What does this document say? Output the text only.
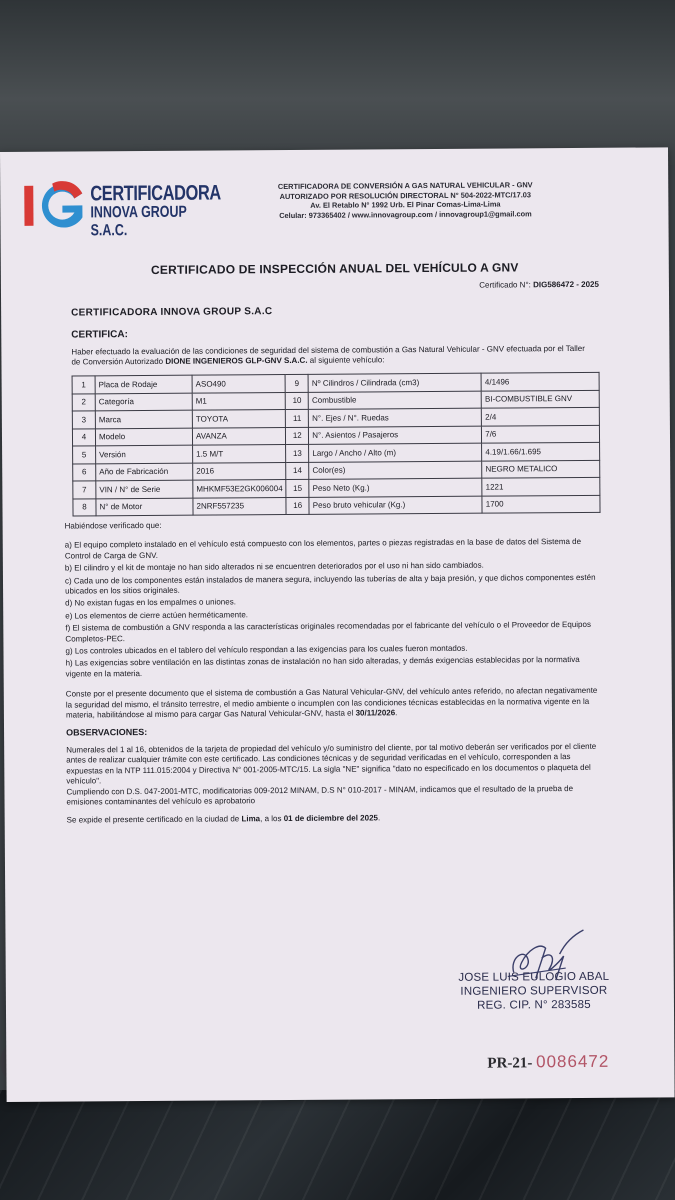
CERTIFICADORA
INNOVA GROUP S.A.C.
CERTIFICADORA DE CONVERSIÓN A GAS NATURAL VEHICULAR - GNV
AUTORIZADO POR RESOLUCIÓN DIRECTORAL N° 504-2022-MTC/17.03
Av. El Retablo N° 1992 Urb. El Pinar Comas-Lima-Lima
Celular: 973365402 / www.innovagroup.com / innovagroup1@gmail.com
CERTIFICADO DE INSPECCIÓN ANUAL DEL VEHÍCULO A GNV
Certificado N°: DIG586472 - 2025
CERTIFICADORA INNOVA GROUP S.A.C
CERTIFICA:
Haber efectuado la evaluación de las condiciones de seguridad del sistema de combustión a Gas Natural Vehicular - GNV efectuada por el Taller de Conversión Autorizado DIONE INGENIEROS GLP-GNV S.A.C. al siguiente vehículo:
1	Placa de Rodaje	ASO490	9	Nº Cilindros / Cilindrada (cm3)	4/1496
2	Categoría	M1	10	Combustible	BI-COMBUSTIBLE GNV
3	Marca	TOYOTA	11	N°. Ejes / N°. Ruedas	2/4
4	Modelo	AVANZA	12	N°. Asientos / Pasajeros	7/6
5	Versión	1.5 M/T	13	Largo / Ancho / Alto (m)	4.19/1.66/1.695
6	Año de Fabricación	2016	14	Color(es)	NEGRO METALICO
7	VIN / N° de Serie	MHKMF53E2GK006004	15	Peso Neto (Kg.)	1221
8	N° de Motor	2NRF557235	16	Peso bruto vehicular (Kg.)	1700

Habiéndose verificado que:

a) El equipo completo instalado en el vehículo está compuesto con los elementos, partes o piezas registradas en la base de datos del Sistema de Control de Carga de GNV.

b) El cilindro y el kit de montaje no han sido alterados ni se encuentren deteriorados por el uso ni han sido cambiados.

c) Cada uno de los componentes están instalados de manera segura, incluyendo las tuberías de alta y baja presión, y que dichos componentes estén ubicados en los sitios originales.

d) No existan fugas en los empalmes o uniones.

e) Los elementos de cierre actúen herméticamente.

f) El sistema de combustión a GNV responda a las características originales recomendadas por el fabricante del vehículo o el Proveedor de Equipos Completos-PEC.

g) Los controles ubicados en el tablero del vehículo respondan a las exigencias para los cuales fueron montados.

h) Las exigencias sobre ventilación en las distintas zonas de instalación no han sido alteradas, y demás exigencias establecidas por la normativa vigente en la materia.

Conste por el presente documento que el sistema de combustión a Gas Natural Vehicular-GNV, del vehículo antes referido, no afectan negativamente la seguridad del mismo, el tránsito terrestre, el medio ambiente o incumplen con las condiciones técnicas establecidas en la normativa vigente en la materia, habilitándose al mismo para cargar Gas Natural Vehicular-GNV, hasta el 30/11/2026.

OBSERVACIONES:

Numerales del 1 al 16, obtenidos de la tarjeta de propiedad del vehículo y/o suministro del cliente, por tal motivo deberán ser verificados por el cliente antes de realizar cualquier trámite con este certificado. Las condiciones técnicas y de seguridad verificadas en el vehículo, corresponden a las expuestas en la NTP 111.015:2004 y Directiva N° 001-2005-MTC/15. La sigla "NE" significa "dato no especificado en los documentos o plaqueta del vehículo".

Cumpliendo con D.S. 047-2001-MTC, modificatorias 009-2012 MINAM, D.S N° 010-2017 - MINAM, indicamos que el resultado de la prueba de emisiones contaminantes del vehículo es aprobatorio

Se expide el presente certificado en la ciudad de Lima, a los 01 de diciembre del 2025.

JOSE LUIS EULOGIO ABAL
INGENIERO SUPERVISOR
REG. CIP. N° 283585
PR-21- 0086472
